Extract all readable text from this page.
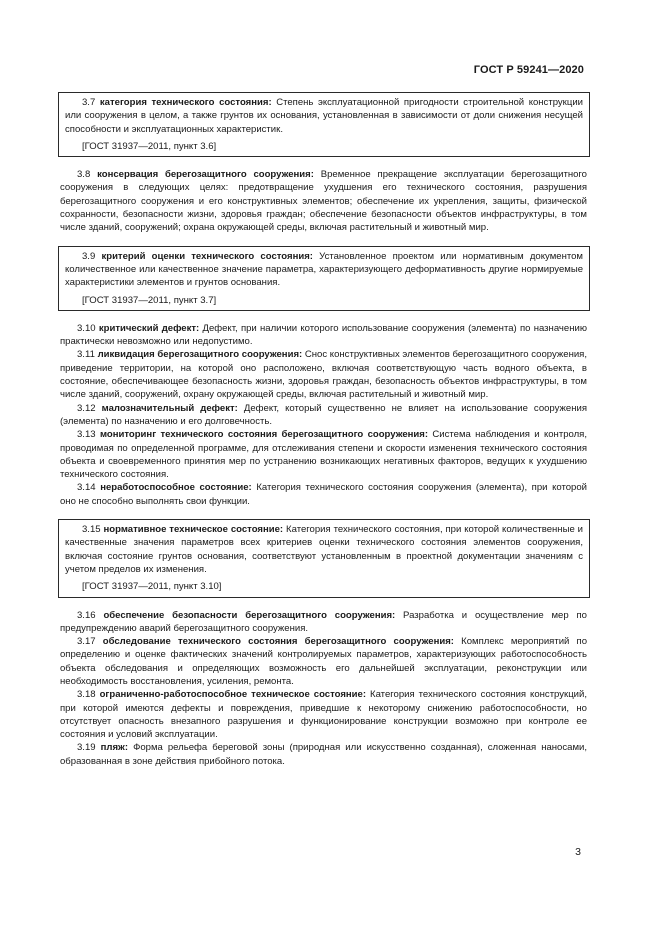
ГОСТ Р 59241—2020

3.7 категория технического состояния: Степень эксплуатационной пригодности строительной конструкции или сооружения в целом, а также грунтов их основания, установленная в зависимости от доли снижения несущей способности и эксплуатационных характеристик.

[ГОСТ 31937—2011, пункт 3.6]

3.8 консервация берегозащитного сооружения: Временное прекращение эксплуатации берегозащитного сооружения в следующих целях: предотвращение ухудшения его технического состояния, разрушения берегозащитного сооружения и его конструктивных элементов; обеспечение их укрепления, защиты, физической сохранности, безопасности жизни, здоровья граждан; обеспечение безопасности объектов инфраструктуры, в том числе зданий, сооружений; охрана окружающей среды, включая растительный и животный мир.

3.9 критерий оценки технического состояния: Установленное проектом или нормативным документом количественное или качественное значение параметра, характеризующего деформативность другие нормируемые характеристики элементов и грунтов основания.

[ГОСТ 31937—2011, пункт 3.7]

3.10 критический дефект: Дефект, при наличии которого использование сооружения (элемента) по назначению практически невозможно или недопустимо.

3.11 ликвидация берегозащитного сооружения: Снос конструктивных элементов берегозащитного сооружения, приведение территории, на которой оно расположено, включая соответствующую часть водного объекта, в состояние, обеспечивающее безопасность жизни, здоровья граждан, безопасность объектов инфраструктуры, в том числе зданий, сооружений, охрану окружающей среды, включая растительный и животный мир.

3.12 малозначительный дефект: Дефект, который существенно не влияет на использование сооружения (элемента) по назначению и его долговечность.

3.13 мониторинг технического состояния берегозащитного сооружения: Система наблюдения и контроля, проводимая по определенной программе, для отслеживания степени и скорости изменения технического состояния объекта и своевременного принятия мер по устранению возникающих негативных факторов, ведущих к ухудшению технического состояния.

3.14 неработоспособное состояние: Категория технического состояния сооружения (элемента), при которой оно не способно выполнять свои функции.

3.15 нормативное техническое состояние: Категория технического состояния, при которой количественные и качественные значения параметров всех критериев оценки технического состояния элементов сооружения, включая состояние грунтов основания, соответствуют установленным в проектной документации значениям с учетом пределов их изменения.

[ГОСТ 31937—2011, пункт 3.10]

3.16 обеспечение безопасности берегозащитного сооружения: Разработка и осуществление мер по предупреждению аварий берегозащитного сооружения.

3.17 обследование технического состояния берегозащитного сооружения: Комплекс мероприятий по определению и оценке фактических значений контролируемых параметров, характеризующих работоспособность объекта обследования и определяющих возможность его дальнейшей эксплуатации, реконструкции или необходимость восстановления, усиления, ремонта.

3.18 ограниченно-работоспособное техническое состояние: Категория технического состояния конструкций, при которой имеются дефекты и повреждения, приведшие к некоторому снижению работоспособности, но отсутствует опасность внезапного разрушения и функционирование конструкции возможно при контроле ее состояния и условий эксплуатации.

3.19 пляж: Форма рельефа береговой зоны (природная или искусственно созданная), сложенная наносами, образованная в зоне действия прибойного потока.

3
